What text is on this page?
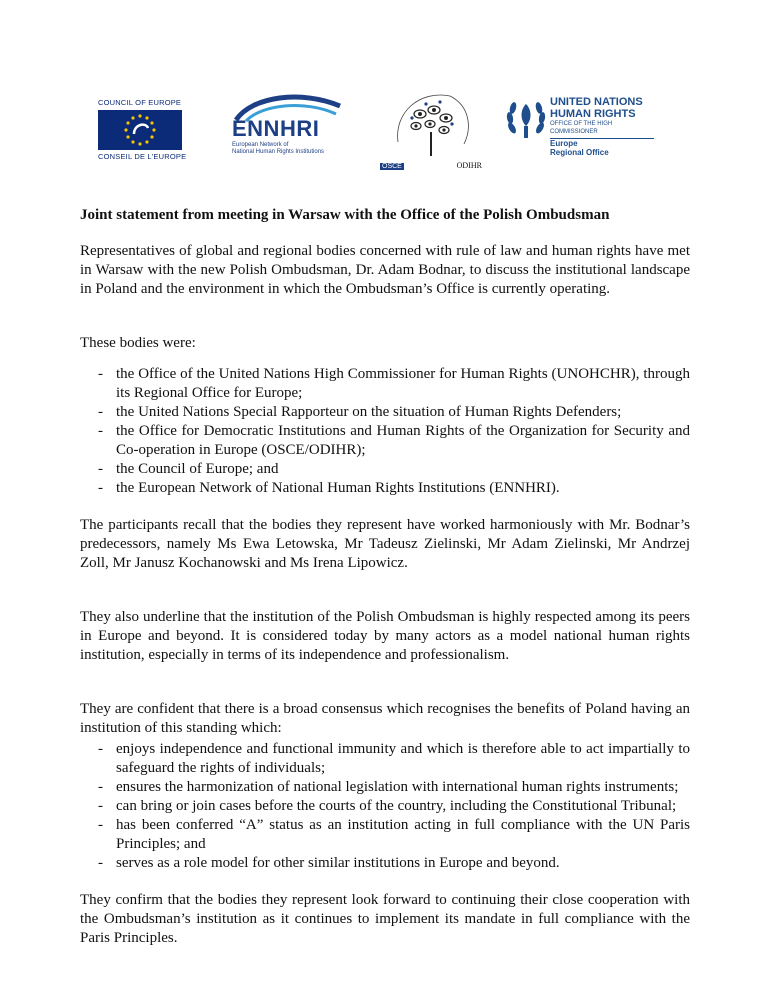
COUNCIL OF EUROPE
CONSEIL DE L'EUROPE
ENNHRI
European Network of
National Human Rights Institutions
OSCE	ODIHR
UNITED NATIONS
HUMAN RIGHTS
OFFICE OF THE HIGH COMMISSIONER
Europe
Regional Office

Joint statement from meeting in Warsaw with the Office of the Polish Ombudsman

Representatives of global and regional bodies concerned with rule of law and human rights have met in Warsaw with the new Polish Ombudsman, Dr. Adam Bodnar, to discuss the institutional landscape in Poland and the environment in which the Ombudsman’s Office is currently operating.

These bodies were:

- the Office of the United Nations High Commissioner for Human Rights (UNOHCHR), through its Regional Office for Europe;
- the United Nations Special Rapporteur on the situation of Human Rights Defenders;
- the Office for Democratic Institutions and Human Rights of the Organization for Security and Co-operation in Europe (OSCE/ODIHR);
- the Council of Europe; and
- the European Network of National Human Rights Institutions (ENNHRI).

The participants recall that the bodies they represent have worked harmoniously with Mr. Bodnar’s predecessors, namely Ms Ewa Letowska, Mr Tadeusz Zielinski, Mr Adam Zielinski, Mr Andrzej Zoll, Mr Janusz Kochanowski and Ms Irena Lipowicz.

They also underline that the institution of the Polish Ombudsman is highly respected among its peers in Europe and beyond. It is considered today by many actors as a model national human rights institution, especially in terms of its independence and professionalism.

They are confident that there is a broad consensus which recognises the benefits of Poland having an institution of this standing which:

- enjoys independence and functional immunity and which is therefore able to act impartially to safeguard the rights of individuals;
- ensures the harmonization of national legislation with international human rights instruments;
- can bring or join cases before the courts of the country, including the Constitutional Tribunal;
- has been conferred “A” status as an institution acting in full compliance with the UN Paris Principles; and
- serves as a role model for other similar institutions in Europe and beyond.

They confirm that the bodies they represent look forward to continuing their close cooperation with the Ombudsman’s institution as it continues to implement its mandate in full compliance with the Paris Principles.
